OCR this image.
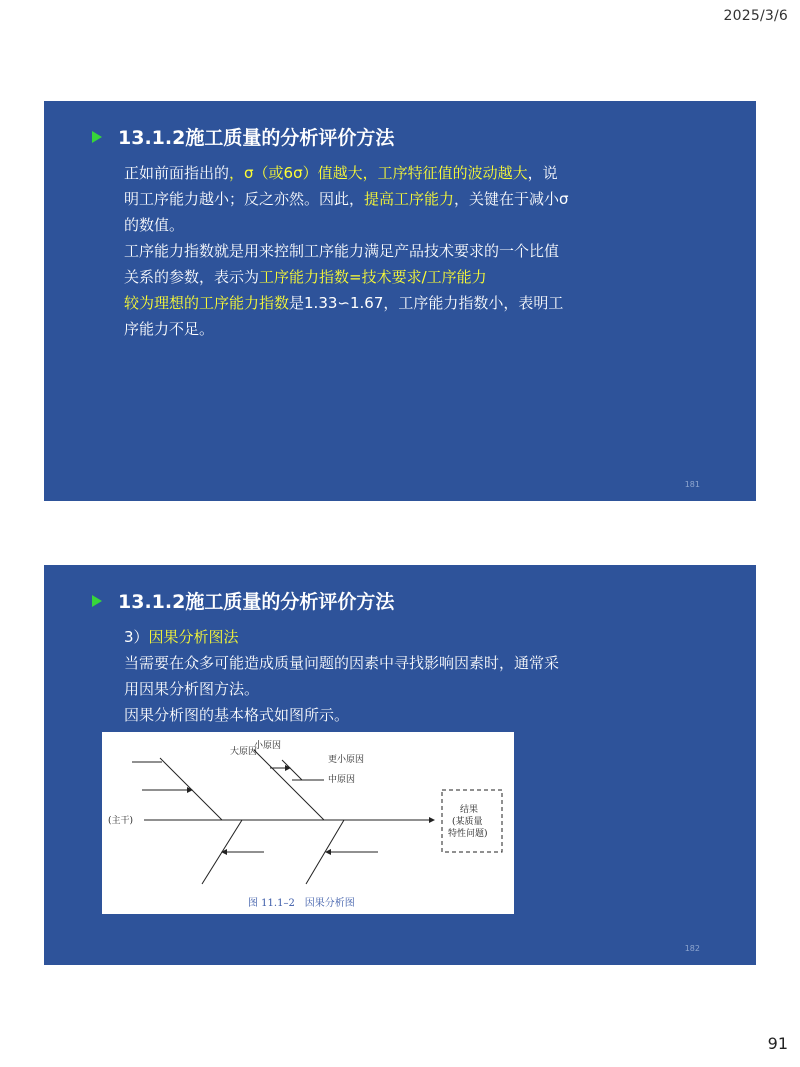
2025/3/6
13.1.2施工质量的分析评价方法
正如前面指出的，σ（或6σ）值越大，工序特征值的波动越大，说明工序能力越小；反之亦然。因此，提高工序能力，关键在于减小σ的数值。
工序能力指数就是用来控制工序能力满足产品技术要求的一个比值关系的参数，表示为工序能力指数=技术要求/工序能力
较为理想的工序能力指数是1.33∽1.67，工序能力指数小，表明工序能力不足。
181
13.1.2施工质量的分析评价方法
3）因果分析图法
当需要在众多可能造成质量问题的因素中寻找影响因素时，通常采用因果分析图方法。
因果分析图的基本格式如图所示。
大原因
小原因
更小原因
中原因
(主干)
结果
(某质量
特性问题)
图 11.1–2　因果分析图
182
91
